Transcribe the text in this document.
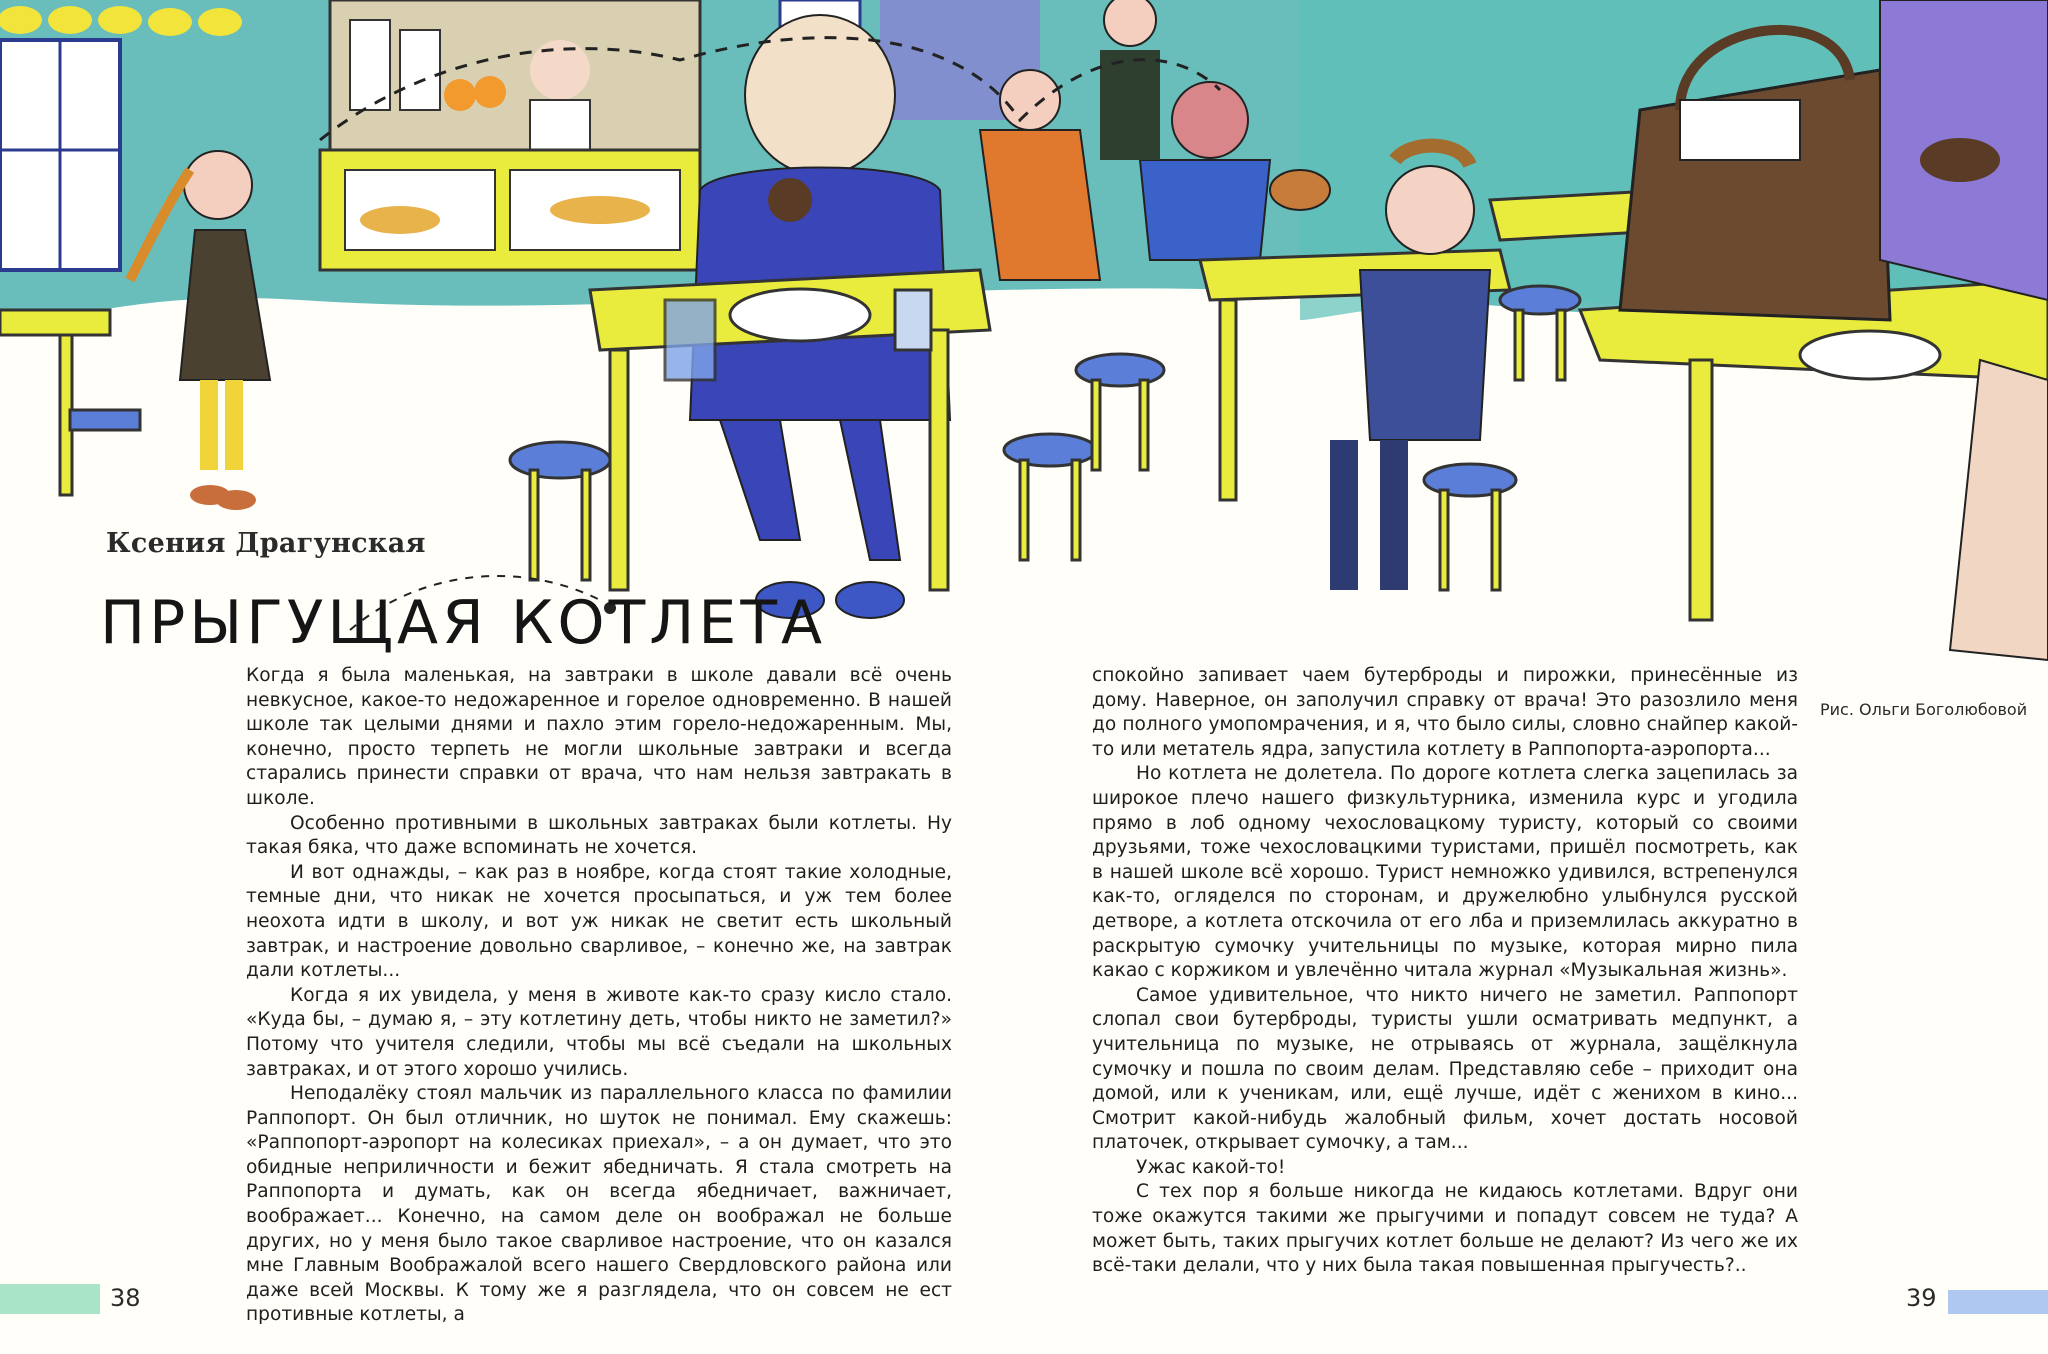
Ксения Драгунская
ПРЫГУЩАЯ КОТЛЕТА
Рис. Ольги Боголюбовой

Когда я была маленькая, на завтраки в школе давали всё очень невкусное, какое-то недожаренное и горелое одновременно. В нашей школе так целыми днями и пахло этим горело-недожаренным. Мы, конечно, просто терпеть не могли школьные завтраки и всегда старались принести справки от врача, что нам нельзя завтракать в школе.

Особенно противными в школьных завтраках были котлеты. Ну такая бяка, что даже вспоминать не хочется.

И вот однажды, – как раз в ноябре, когда стоят такие холодные, темные дни, что никак не хочется просыпаться, и уж тем более неохота идти в школу, и вот уж никак не светит есть школьный завтрак, и настроение довольно сварливое, – конечно же, на завтрак дали котлеты...

Когда я их увидела, у меня в животе как-то сразу кисло стало. «Куда бы, – думаю я, – эту котлетину деть, чтобы никто не заметил?» Потому что учителя следили, чтобы мы всё съедали на школьных завтраках, и от этого хорошо учились.

Неподалёку стоял мальчик из параллельного класса по фамилии Раппопорт. Он был отличник, но шуток не понимал. Ему скажешь: «Раппопорт-аэропорт на колесиках приехал», – а он думает, что это обидные неприличности и бежит ябедничать. Я стала смотреть на Раппопорта и думать, как он всегда ябедничает, важничает, воображает... Конечно, на самом деле он воображал не больше других, но у меня было такое сварливое настроение, что он казался мне Главным Воображалой всего нашего Свердловского района или даже всей Москвы. К тому же я разглядела, что он совсем не ест противные котлеты, а

спокойно запивает чаем бутерброды и пирожки, принесённые из дому. Наверное, он заполучил справку от врача! Это разозлило меня до полного умопомрачения, и я, что было силы, словно снайпер какой-то или метатель ядра, запустила котлету в Раппопорта-аэропорта...

Но котлета не долетела. По дороге котлета слегка зацепилась за широкое плечо нашего физкультурника, изменила курс и угодила прямо в лоб одному чехословацкому туристу, который со своими друзьями, тоже чехословацкими туристами, пришёл посмотреть, как в нашей школе всё хорошо. Турист немножко удивился, встрепенулся как-то, огляделся по сторонам, и дружелюбно улыбнулся русской детворе, а котлета отскочила от его лба и приземлилась аккуратно в раскрытую сумочку учительницы по музыке, которая мирно пила какао с коржиком и увлечённо читала журнал «Музыкальная жизнь».

Самое удивительное, что никто ничего не заметил. Раппопорт слопал свои бутерброды, туристы ушли осматривать медпункт, а учительница по музыке, не отрываясь от журнала, защёлкнула сумочку и пошла по своим делам. Представляю себе – приходит она домой, или к ученикам, или, ещё лучше, идёт с женихом в кино... Смотрит какой-нибудь жалобный фильм, хочет достать носовой платочек, открывает сумочку, а там...

Ужас какой-то!

С тех пор я больше никогда не кидаюсь котлетами. Вдруг они тоже окажутся такими же прыгучими и попадут совсем не туда? А может быть, таких прыгучих котлет больше не делают? Из чего же их всё-таки делали, что у них была такая повышенная прыгучесть?..

38	39
